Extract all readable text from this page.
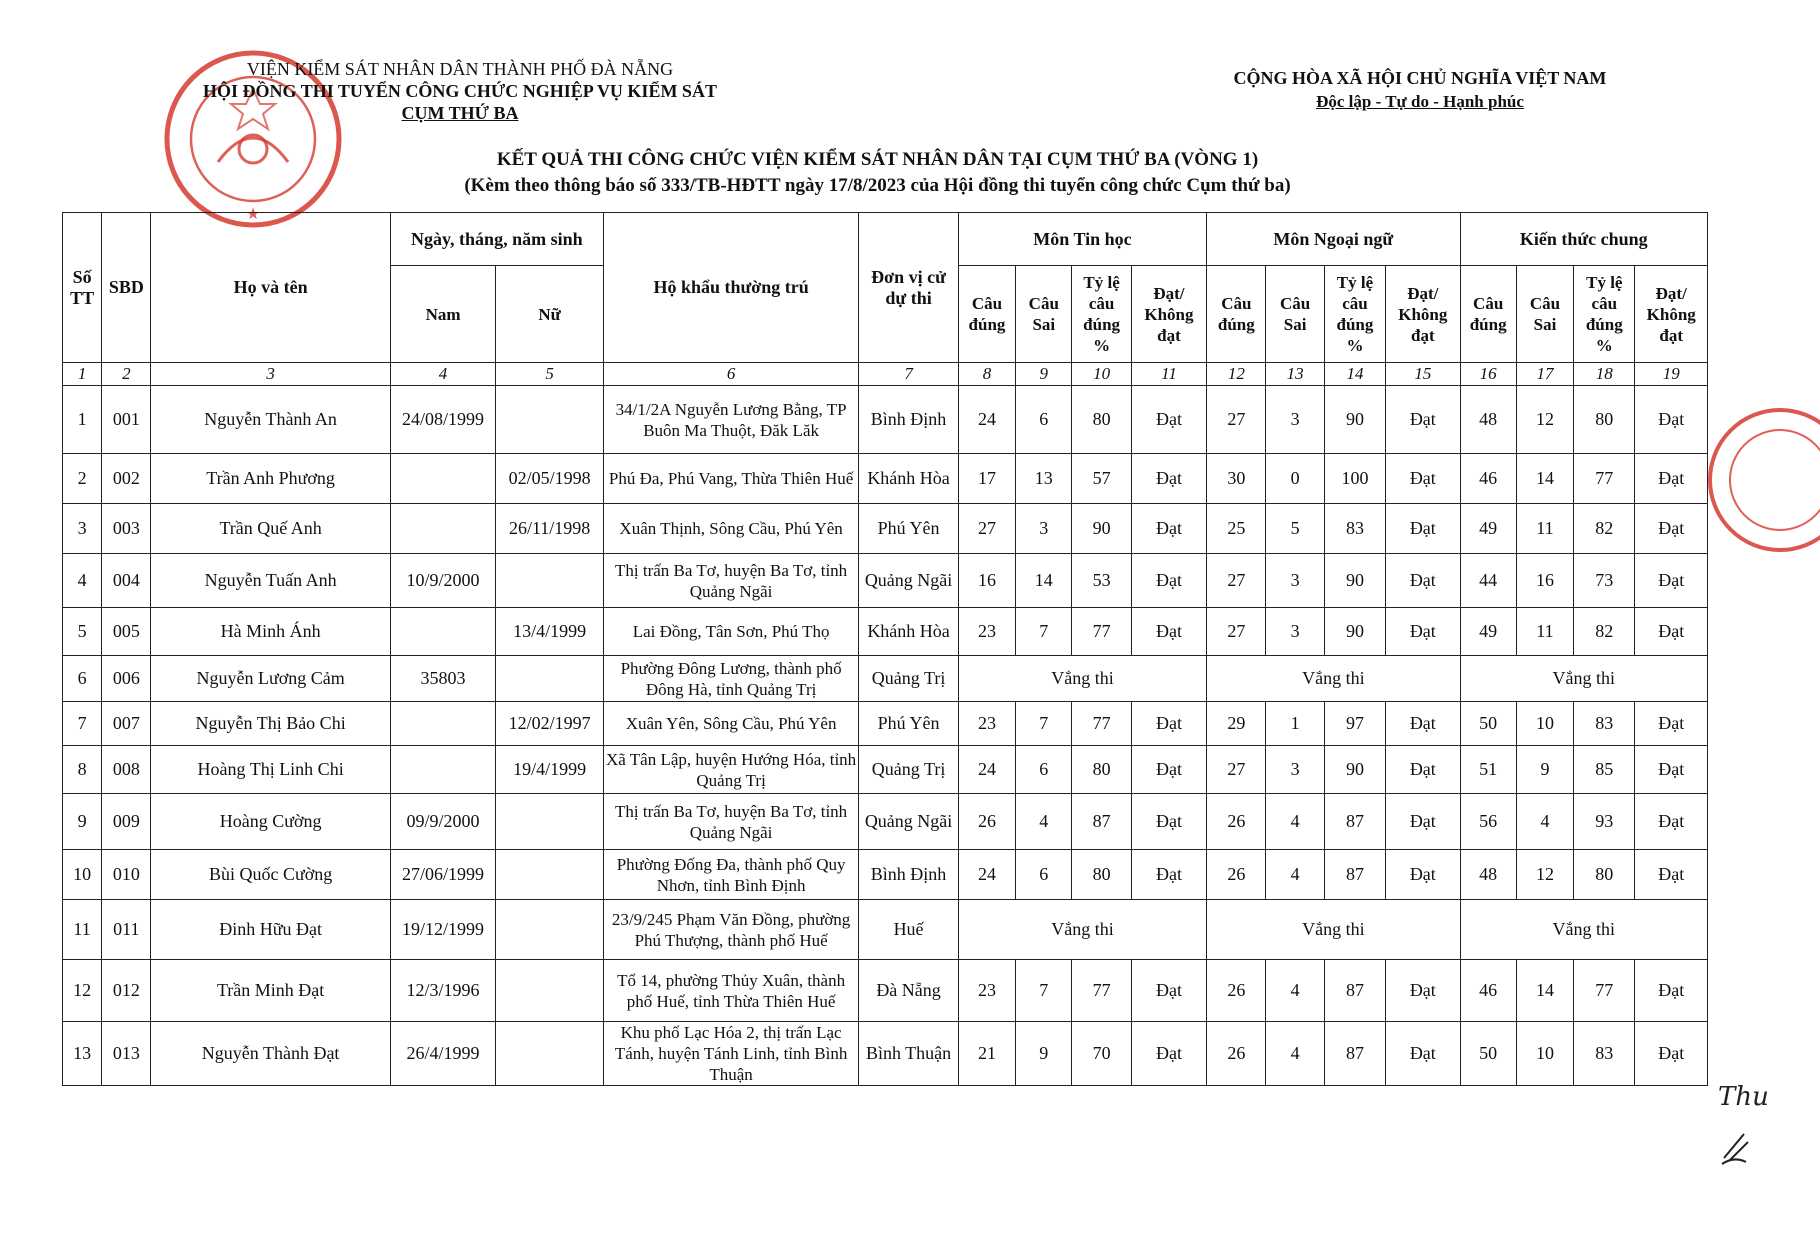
★
VIỆN KIỂM SÁT NHÂN DÂN THÀNH PHỐ ĐÀ NẴNG
HỘI ĐỒNG THI TUYỂN CÔNG CHỨC NGHIỆP VỤ KIỂM SÁT
CỤM THỨ BA
CỘNG HÒA XÃ HỘI CHỦ NGHĨA VIỆT NAM
Độc lập - Tự do - Hạnh phúc
KẾT QUẢ THI CÔNG CHỨC VIỆN KIỂM SÁT NHÂN DÂN TẠI CỤM THỨ BA (VÒNG 1)
(Kèm theo thông báo số 333/TB-HĐTT ngày 17/8/2023 của Hội đồng thi tuyển công chức Cụm thứ ba)
Số TT	SBD	Họ và tên	Ngày, tháng, năm sinh		Hộ khẩu thường trú	Đơn vị cử dự thi	Môn Tin học				Môn Ngoại ngữ				Kiến thức chung			
			Nam	Nữ			Câu đúng	Câu Sai	Tỷ lệ câu đúng %	Đạt/ Không đạt	Câu đúng	Câu Sai	Tỷ lệ câu đúng %	Đạt/ Không đạt	Câu đúng	Câu Sai	Tỷ lệ câu đúng %	Đạt/ Không đạt
1	2	3	4	5	6	7	8	9	10	11	12	13	14	15	16	17	18	19
1	001	Nguyễn Thành An	24/08/1999		34/1/2A Nguyễn Lương Bằng, TP Buôn Ma Thuột, Đăk Lăk	Bình Định	24	6	80	Đạt	27	3	90	Đạt	48	12	80	Đạt
2	002	Trần Anh Phương		02/05/1998	Phú Đa, Phú Vang, Thừa Thiên Huế	Khánh Hòa	17	13	57	Đạt	30	0	100	Đạt	46	14	77	Đạt
3	003	Trần Quế Anh		26/11/1998	Xuân Thịnh, Sông Cầu, Phú Yên	Phú Yên	27	3	90	Đạt	25	5	83	Đạt	49	11	82	Đạt
4	004	Nguyễn Tuấn Anh	10/9/2000		Thị trấn Ba Tơ, huyện Ba Tơ, tỉnh Quảng Ngãi	Quảng Ngãi	16	14	53	Đạt	27	3	90	Đạt	44	16	73	Đạt
5	005	Hà Minh Ánh		13/4/1999	Lai Đồng, Tân Sơn, Phú Thọ	Khánh Hòa	23	7	77	Đạt	27	3	90	Đạt	49	11	82	Đạt
6	006	Nguyễn Lương Cảm	35803		Phường Đông Lương, thành phố Đông Hà, tỉnh Quảng Trị	Quảng Trị	Vắng thi				Vắng thi				Vắng thi			
7	007	Nguyễn Thị Bảo Chi		12/02/1997	Xuân Yên, Sông Cầu, Phú Yên	Phú Yên	23	7	77	Đạt	29	1	97	Đạt	50	10	83	Đạt
8	008	Hoàng Thị Linh Chi		19/4/1999	Xã Tân Lập, huyện Hướng Hóa, tỉnh Quảng Trị	Quảng Trị	24	6	80	Đạt	27	3	90	Đạt	51	9	85	Đạt
9	009	Hoàng Cường	09/9/2000		Thị trấn Ba Tơ, huyện Ba Tơ, tỉnh Quảng Ngãi	Quảng Ngãi	26	4	87	Đạt	26	4	87	Đạt	56	4	93	Đạt
10	010	Bùi Quốc Cường	27/06/1999		Phường Đống Đa, thành phố Quy Nhơn, tỉnh Bình Định	Bình Định	24	6	80	Đạt	26	4	87	Đạt	48	12	80	Đạt
11	011	Đinh Hữu Đạt	19/12/1999		23/9/245 Phạm Văn Đồng, phường Phú Thượng, thành phố Huế	Huế	Vắng thi				Vắng thi				Vắng thi			
12	012	Trần Minh Đạt	12/3/1996		Tổ 14, phường Thủy Xuân, thành phố Huế, tỉnh Thừa Thiên Huế	Đà Nẵng	23	7	77	Đạt	26	4	87	Đạt	46	14	77	Đạt
13	013	Nguyễn Thành Đạt	26/4/1999		Khu phố Lạc Hóa 2, thị trấn Lạc Tánh, huyện Tánh Linh, tỉnh Bình Thuận	Bình Thuận	21	9	70	Đạt	26	4	87	Đạt	50	10	83	Đạt
Thu
